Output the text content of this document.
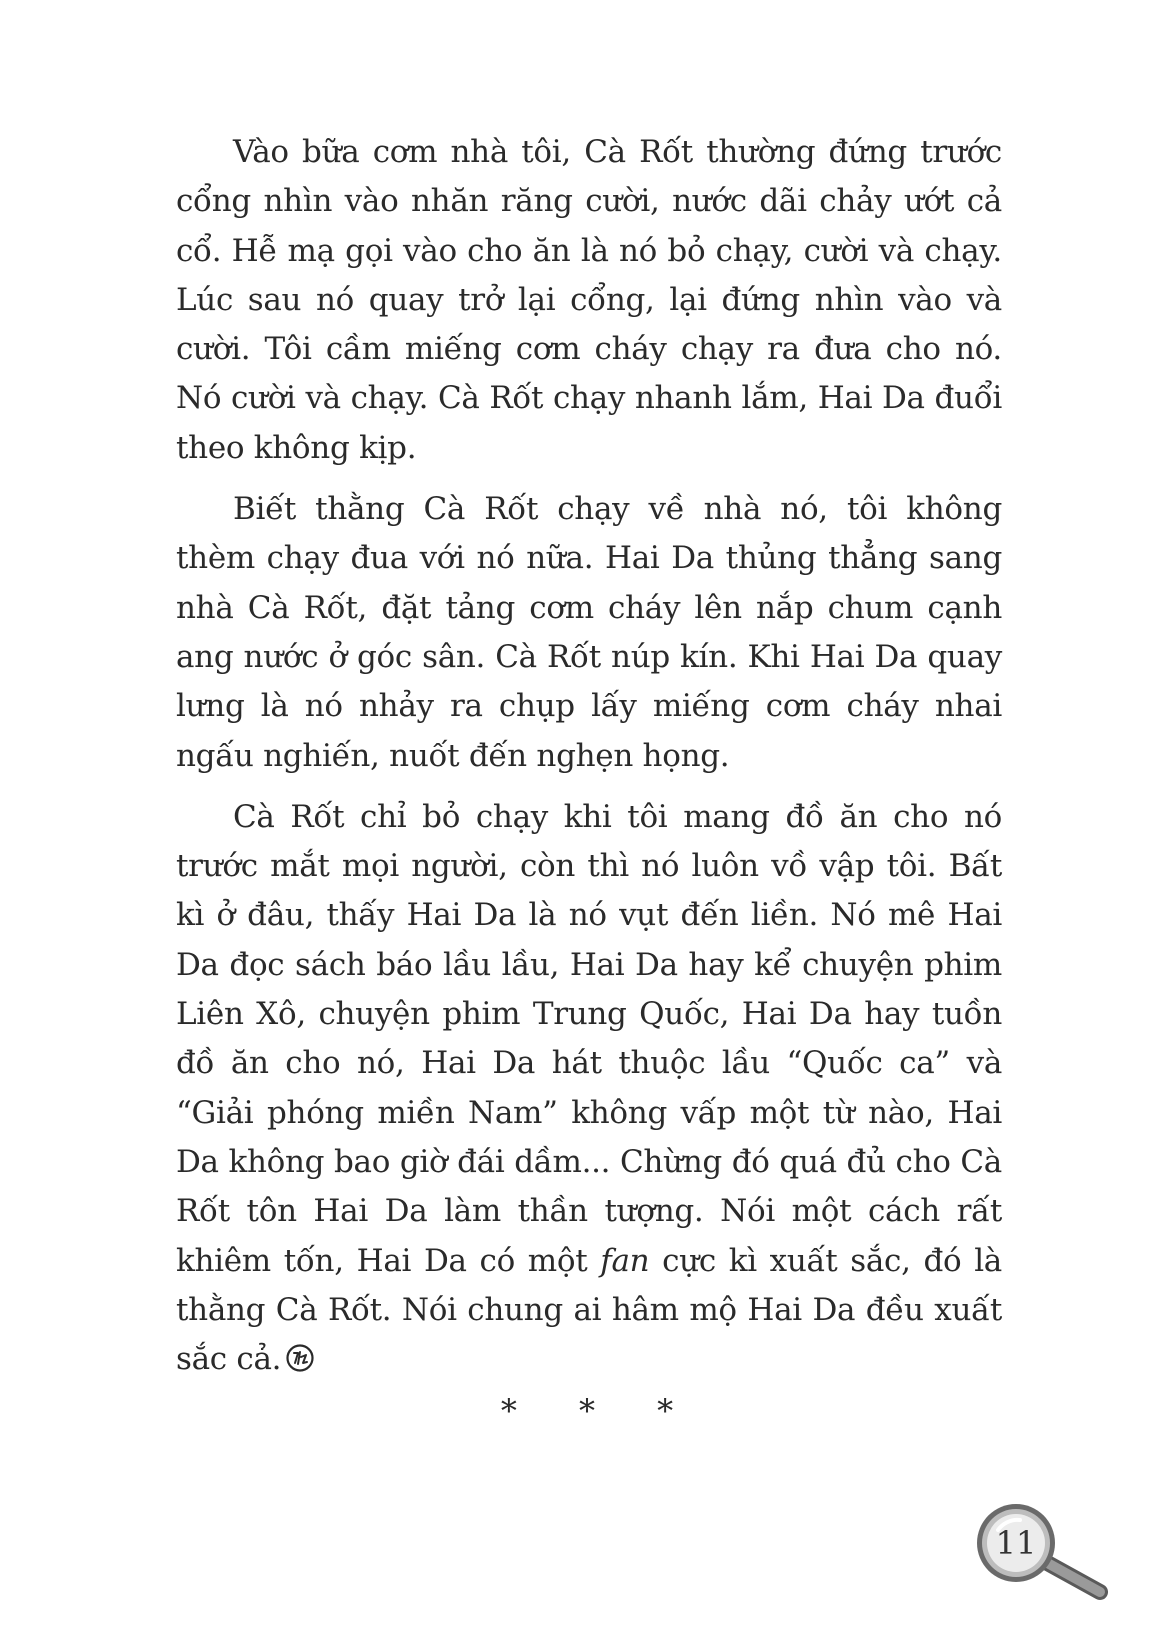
Vào bữa cơm nhà tôi, Cà Rốt thường đứng trước cổng nhìn vào nhăn răng cười, nước dãi chảy ướt cả cổ. Hễ mạ gọi vào cho ăn là nó bỏ chạy, cười và chạy. Lúc sau nó quay trở lại cổng, lại đứng nhìn vào và cười. Tôi cầm miếng cơm cháy chạy ra đưa cho nó. Nó cười và chạy. Cà Rốt chạy nhanh lắm, Hai Da đuổi theo không kịp.

Biết thằng Cà Rốt chạy về nhà nó, tôi không thèm chạy đua với nó nữa. Hai Da thủng thẳng sang nhà Cà Rốt, đặt tảng cơm cháy lên nắp chum cạnh ang nước ở góc sân. Cà Rốt núp kín. Khi Hai Da quay lưng là nó nhảy ra chụp lấy miếng cơm cháy nhai ngấu nghiến, nuốt đến nghẹn họng.

Cà Rốt chỉ bỏ chạy khi tôi mang đồ ăn cho nó trước mắt mọi người, còn thì nó luôn vồ vập tôi. Bất kì ở đâu, thấy Hai Da là nó vụt đến liền. Nó mê Hai Da đọc sách báo lầu lầu, Hai Da hay kể chuyện phim Liên Xô, chuyện phim Trung Quốc, Hai Da hay tuồn đồ ăn cho nó, Hai Da hát thuộc lầu “Quốc ca” và “Giải phóng miền Nam” không vấp một từ nào, Hai Da không bao giờ đái dầm... Chừng đó quá đủ cho Cà Rốt tôn Hai Da làm thần tượng. Nói một cách rất khiêm tốn, Hai Da có một fan cực kì xuất sắc, đó là thằng Cà Rốt. Nói chung ai hâm mộ Hai Da đều xuất sắc cả.

* * *
11
